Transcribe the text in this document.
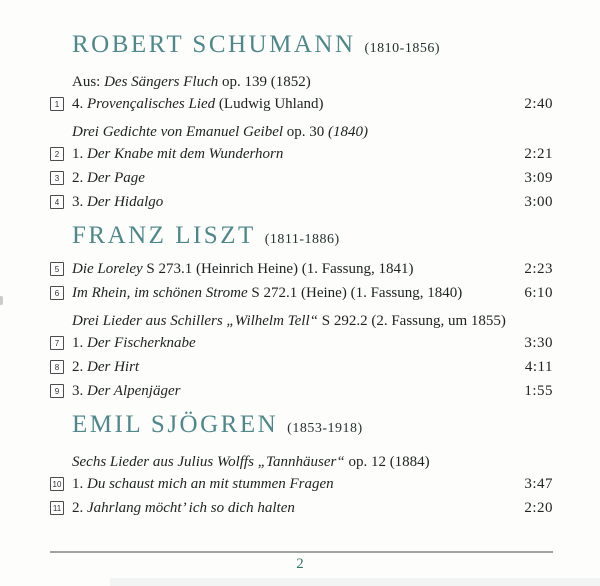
ROBERT SCHUMANN (1810-1856)
Aus: Des Sängers Fluch op. 139 (1852)
1 4. Provençalisches Lied (Ludwig Uhland)	2:40
Drei Gedichte von Emanuel Geibel op. 30 (1840)
2 1. Der Knabe mit dem Wunderhorn	2:21
3 2. Der Page	3:09
4 3. Der Hidalgo	3:00
FRANZ LISZT (1811-1886)
5 Die Loreley S 273.1 (Heinrich Heine) (1. Fassung, 1841)	2:23
6 Im Rhein, im schönen Strome S 272.1 (Heine) (1. Fassung, 1840)	6:10
Drei Lieder aus Schillers „Wilhelm Tell“ S 292.2 (2. Fassung, um 1855)
7 1. Der Fischerknabe	3:30
8 2. Der Hirt	4:11
9 3. Der Alpenjäger	1:55
EMIL SJÖGREN (1853-1918)
Sechs Lieder aus Julius Wolffs „Tannhäuser“ op. 12 (1884)
10 1. Du schaust mich an mit stummen Fragen	3:47
11 2. Jahrlang möcht’ ich so dich halten	2:20
2
